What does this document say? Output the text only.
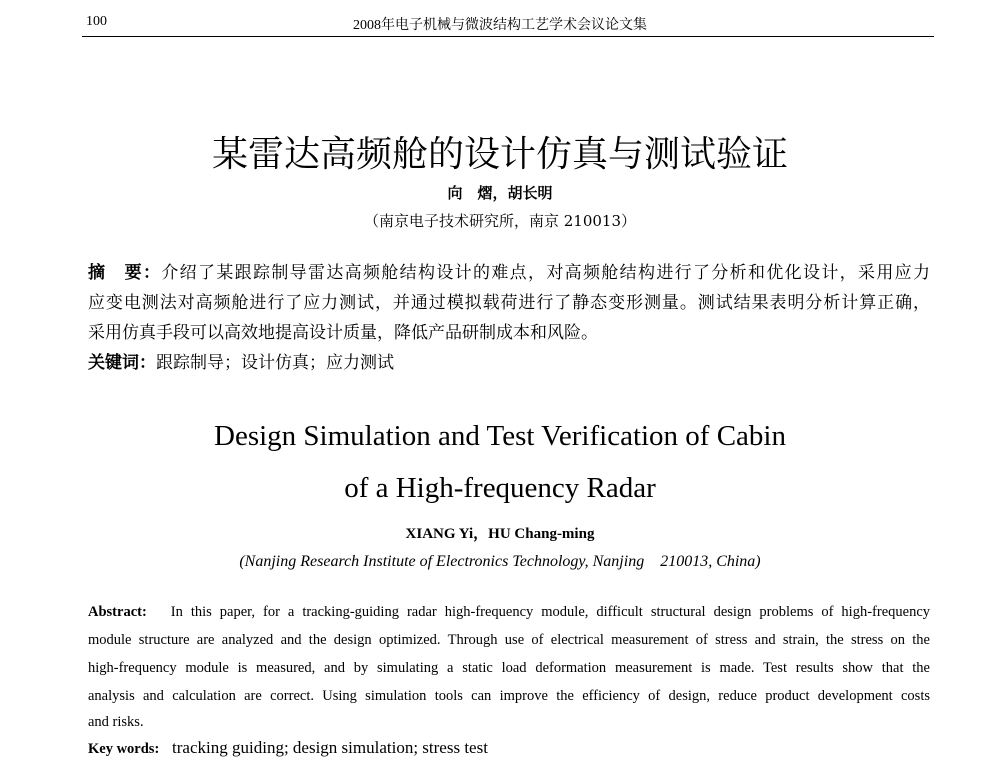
100	2008年电子机械与微波结构工艺学术会议论文集
某雷达高频舱的设计仿真与测试验证
向　熠，胡长明
（南京电子技术研究所，南京 210013）
摘　要：介绍了某跟踪制导雷达高频舱结构设计的难点，对高频舱结构进行了分析和优化设计，采用应力
应变电测法对高频舱进行了应力测试，并通过模拟载荷进行了静态变形测量。测试结果表明分析计算正确，
采用仿真手段可以高效地提高设计质量，降低产品研制成本和风险。
关键词：跟踪制导；设计仿真；应力测试
Design Simulation and Test Verification of Cabin
of a High-frequency Radar
XIANG Yi，HU Chang-ming
(Nanjing Research Institute of Electronics Technology, Nanjing　210013, China)
Abstract: In this paper, for a tracking-guiding radar high-frequency module, difficult structural design problems of high-frequency
module structure are analyzed and the design optimized. Through use of electrical measurement of stress and strain, the stress on the
high-frequency module is measured, and by simulating a static load deformation measurement is made. Test results show that the
analysis and calculation are correct. Using simulation tools can improve the efficiency of design, reduce product development costs
and risks.
Key words: tracking guiding; design simulation; stress test
